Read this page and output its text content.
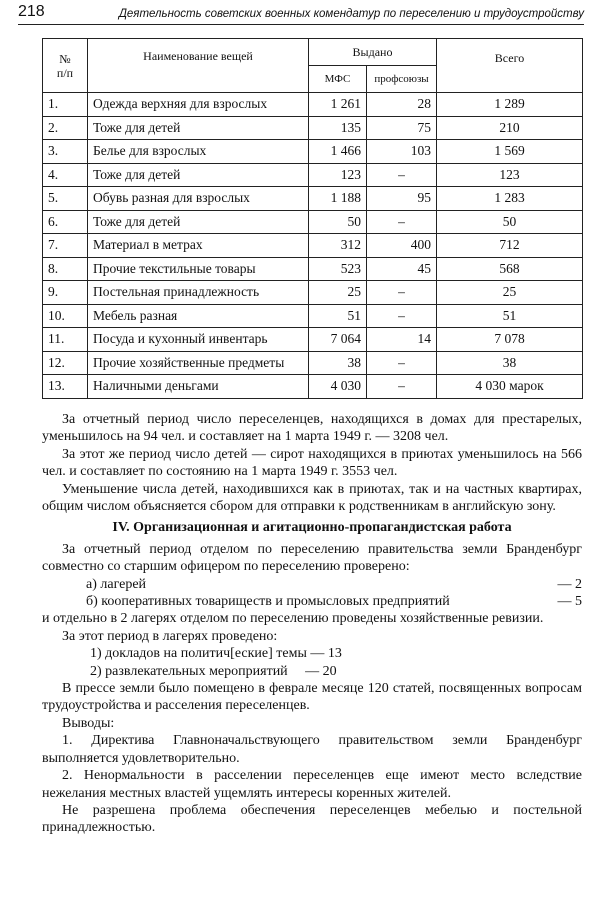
218	Деятельность советских военных комендатур по переселению и трудоустройству
№
п/п	Наименование вещей	Выдано		Всего
		МФС	профсоюзы	
1.	Одежда верхняя для взрослых	1 261	28	1 289
2.	Тоже для детей	135	75	210
3.	Белье для взрослых	1 466	103	1 569
4.	Тоже для детей	123	–	123
5.	Обувь разная для взрослых	1 188	95	1 283
6.	Тоже для детей	50	–	50
7.	Материал в метрах	312	400	712
8.	Прочие текстильные товары	523	45	568
9.	Постельная принадлежность	25	–	25
10.	Мебель разная	51	–	51
11.	Посуда и кухонный инвентарь	7 064	14	7 078
12.	Прочие хозяйственные предметы	38	–	38
13.	Наличными деньгами	4 030	–	4 030 марок

За отчетный период число переселенцев, находящихся в домах для престарелых, уменьшилось на 94 чел. и составляет на 1 марта 1949 г. — 3208 чел.

За этот же период число детей — сирот находящихся в приютах уменьшилось на 566 чел. и составляет по состоянию на 1 марта 1949 г. 3553 чел.

Уменьшение числа детей, находившихся как в приютах, так и на частных квартирах, общим числом объясняется сбором для отправки к родственникам в английскую зону.

IV. Организационная и агитационно-пропагандистская работа

За отчетный период отделом по переселению правительства земли Бранденбург совместно со старшим офицером по переселению проверено:

а) лагерей	— 2
б) кооперативных товариществ и промысловых предприятий	— 5

и отдельно в 2 лагерях отделом по переселению проведены хозяйственные ревизии.

За этот период в лагерях проведено:

1) докладов на политич[еские] темы — 13

2) развлекательных мероприятий     — 20

В прессе земли было помещено в феврале месяце 120 статей, посвященных вопросам трудоустройства и расселения переселенцев.

Выводы:

1. Директива Главноначальствующего правительством земли Бранденбург выполняется удовлетворительно.

2. Ненормальности в расселении переселенцев еще имеют место вследствие нежелания местных властей ущемлять интересы коренных жителей.

Не разрешена проблема обеспечения переселенцев мебелью и постельной принадлежностью.
